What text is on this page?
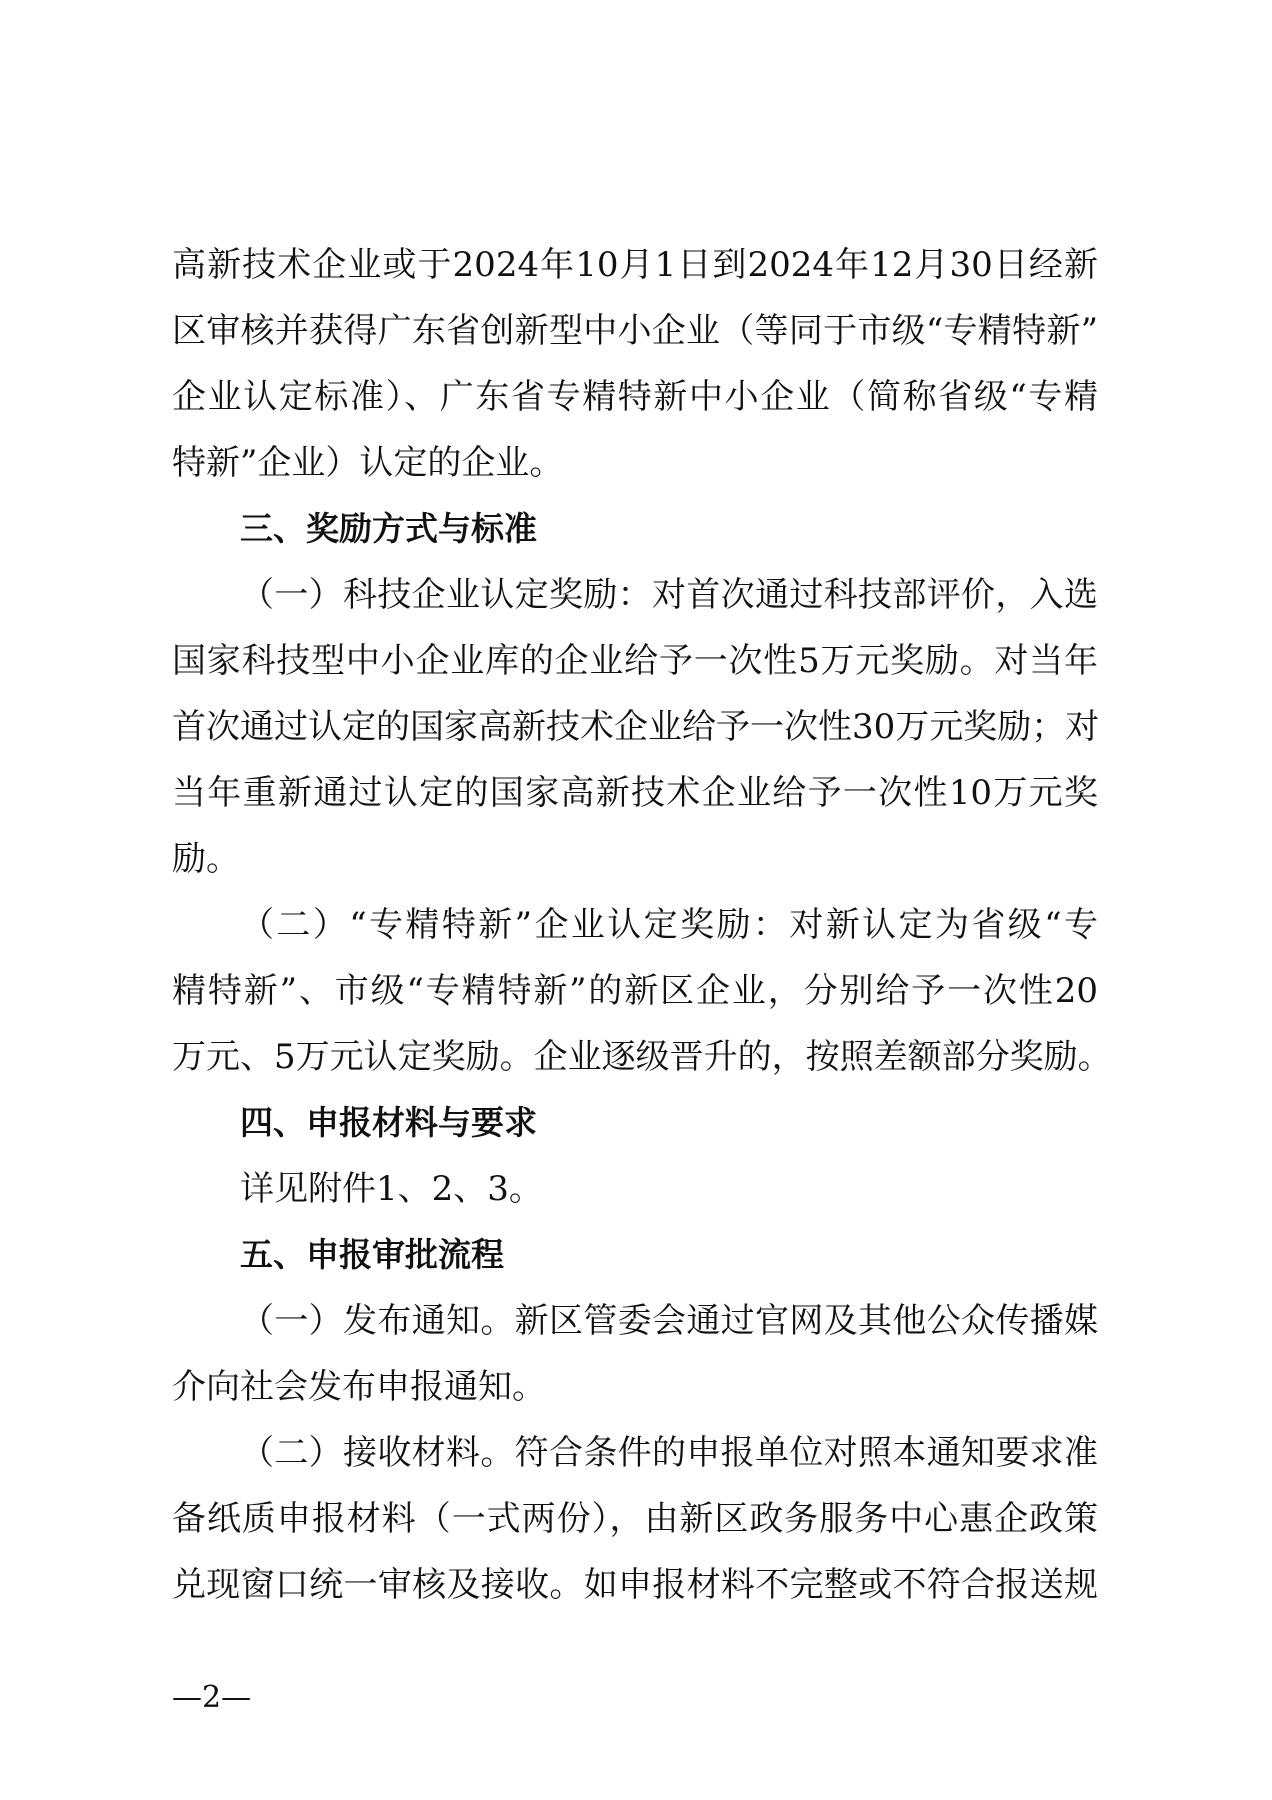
高新技术企业或于2024年10月1日到2024年12月30日经新
区审核并获得广东省创新型中小企业（等同于市级“专精特新”
企业认定标准）、广东省专精特新中小企业（简称省级“专精
特新”企业）认定的企业。
三、奖励方式与标准
（一）科技企业认定奖励：对首次通过科技部评价，入选
国家科技型中小企业库的企业给予一次性5万元奖励。对当年
首次通过认定的国家高新技术企业给予一次性30万元奖励；对
当年重新通过认定的国家高新技术企业给予一次性10万元奖
励。
（二）“专精特新”企业认定奖励：对新认定为省级“专
精特新”、市级“专精特新”的新区企业，分别给予一次性20
万元、5万元认定奖励。企业逐级晋升的，按照差额部分奖励。
四、申报材料与要求
详见附件1、2、3。
五、申报审批流程
（一）发布通知。新区管委会通过官网及其他公众传播媒
介向社会发布申报通知。
（二）接收材料。符合条件的申报单位对照本通知要求准
备纸质申报材料（一式两份），由新区政务服务中心惠企政策
兑现窗口统一审核及接收。如申报材料不完整或不符合报送规
—2—
